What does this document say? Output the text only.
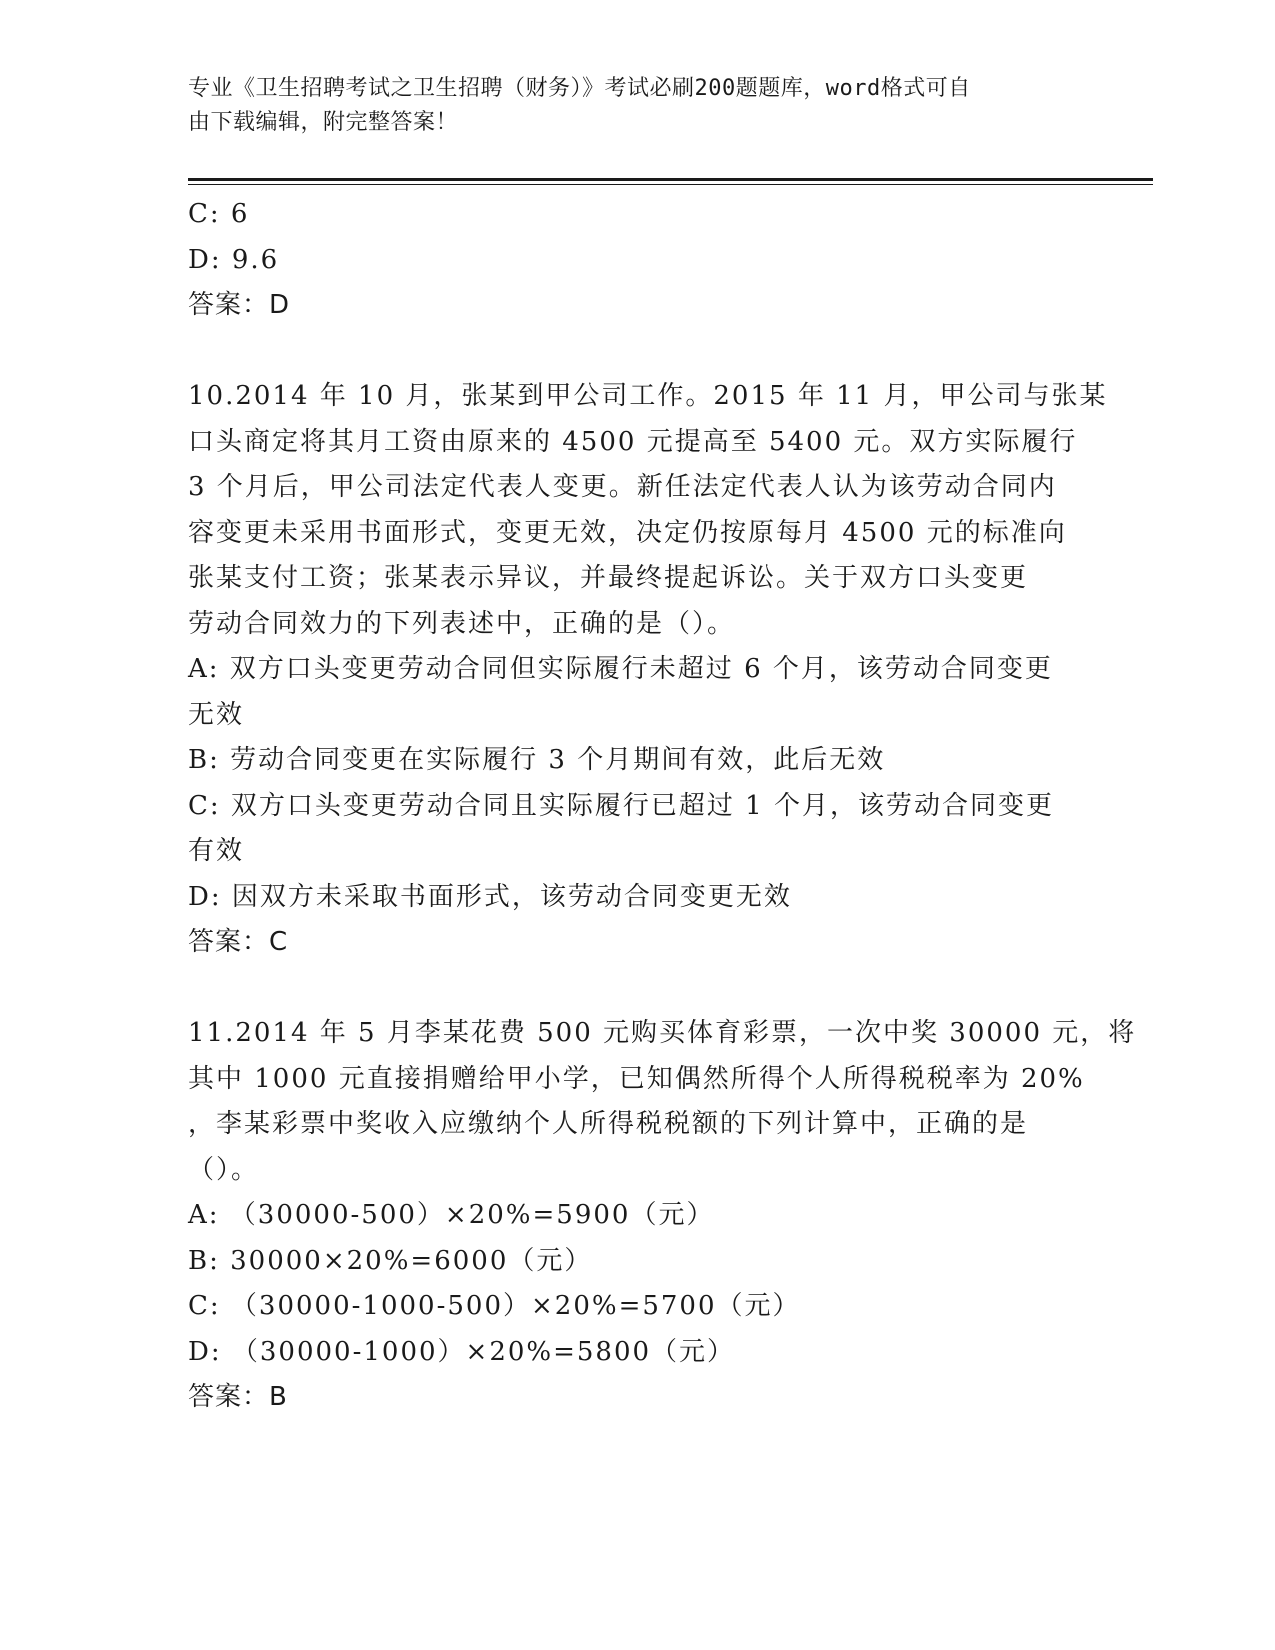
专业《卫生招聘考试之卫生招聘（财务）》考试必刷200题题库，word格式可自
由下载编辑，附完整答案！
C: 6
D: 9.6
答案：D
10.2014 年 10 月，张某到甲公司工作。2015 年 11 月，甲公司与张某
口头商定将其月工资由原来的 4500 元提高至 5400 元。双方实际履行
3 个月后，甲公司法定代表人变更。新任法定代表人认为该劳动合同内
容变更未采用书面形式，变更无效，决定仍按原每月 4500 元的标准向
张某支付工资；张某表示异议，并最终提起诉讼。关于双方口头变更
劳动合同效力的下列表述中，正确的是（）。
A: 双方口头变更劳动合同但实际履行未超过 6 个月，该劳动合同变更
无效
B: 劳动合同变更在实际履行 3 个月期间有效，此后无效
C: 双方口头变更劳动合同且实际履行已超过 1 个月，该劳动合同变更
有效
D: 因双方未采取书面形式，该劳动合同变更无效
答案：C
11.2014 年 5 月李某花费 500 元购买体育彩票，一次中奖 30000 元，将
其中 1000 元直接捐赠给甲小学，已知偶然所得个人所得税税率为 20%
，李某彩票中奖收入应缴纳个人所得税税额的下列计算中，正确的是
（）。
A: （30000-500）×20%=5900（元）
B: 30000×20%=6000（元）
C: （30000-1000-500）×20%=5700（元）
D: （30000-1000）×20%=5800（元）
答案：B
